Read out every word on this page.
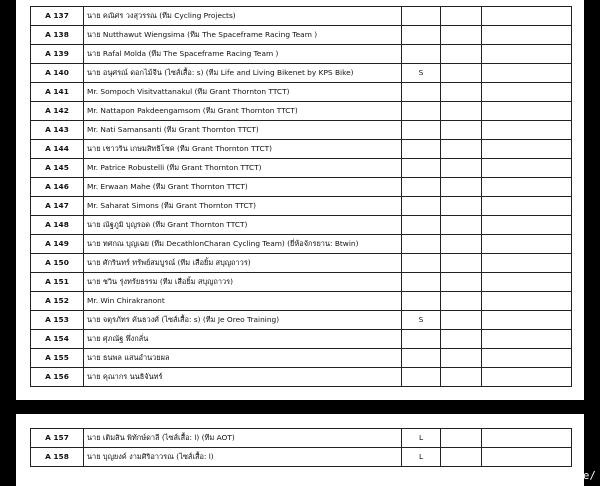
A 137	นาย คณิศร วงสุวรรณ (ทีม Cycling Projects)			
A 138	นาย Nutthawut Wiengsima (ทีม The Spaceframe Racing Team )			
A 139	นาย Rafal Molda (ทีม The Spaceframe Racing Team )			
A 140	นาย อนุศรณ์ ดอกไม้จีน (ไซส์เสื้อ: s) (ทีม Life and Living Bikenet by KPS Bike)	S		
A 141	Mr. Sompoch Visitvattanakul (ทีม Grant Thornton TTCT)			
A 142	Mr. Nattapon Pakdeengamsom (ทีม Grant Thornton TTCT)			
A 143	Mr. Nati Samansanti (ทีม Grant Thornton TTCT)			
A 144	นาย เชาวริน เกษมสิทธิโชค (ทีม Grant Thornton TTCT)			
A 145	Mr. Patrice Robustelli (ทีม Grant Thornton TTCT)			
A 146	Mr. Erwaan Mahe (ทีม Grant Thornton TTCT)			
A 147	Mr. Saharat Simons (ทีม Grant Thornton TTCT)			
A 148	นาย ณัฐภูมิ บุญรอด (ทีม Grant Thornton TTCT)			
A 149	นาย ทศกณ บุญเฉย (ทีม DecathlonCharan Cycling Team) (ยี่ห้อจักรยาน: Btwin)			
A 150	นาย ศักรินทร์ ทรัพย์สมบูรณ์ (ทีม เสือยิ้ม สบุญถาวร)			
A 151	นาย ชวิน รุ่งทรัยธรรม (ทีม เสือยิ้ม สบุญถาวร)			
A 152	Mr. Win Chirakranont			
A 153	นาย จตุรภัทร คันธวงศ์ (ไซส์เสื้อ: s) (ทีม Je Oreo Training)	S		
A 154	นาย ศุภณัฐ พึ่งกลั่น			
A 155	นาย ธนพล แสนอำนวยผล			
A 156	นาย คุณากร นนธิจันทร์			
A 157	นาย เติมสิน พิทักษ์ดาลี (ไซส์เสื้อ: l) (ทีม AOT)	L		
A 158	นาย บุญยงค์ งามศิริอาวรณ (ไซส์เสื้อ: l)	L		
[1080x841] https://upic.me/
